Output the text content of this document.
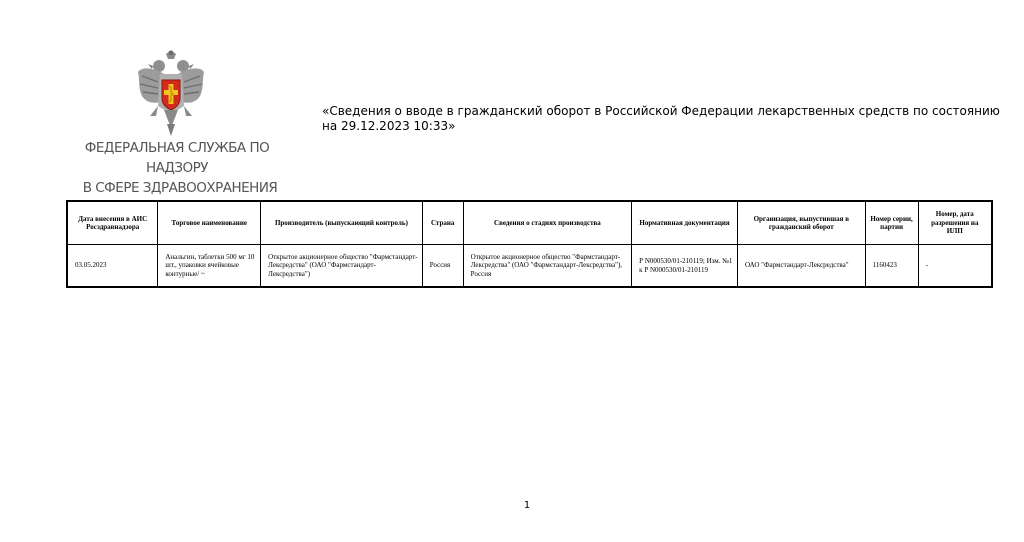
ФЕДЕРАЛЬНАЯ СЛУЖБА ПО НАДЗОРУ
В СФЕРЕ ЗДРАВООХРАНЕНИЯ
«Сведения о вводе в гражданский оборот в Российской Федерации лекарственных средств по состоянию на 29.12.2023 10:33»
Дата внесения в АИС Росздравнадзора	Торговое наименование	Производитель (выпускающий контроль)	Страна	Сведения о стадиях производства	Нормативная документация	Организация, выпустившая в гражданский оборот	Номер серии, партии	Номер, дата разрешения на ИЛП
03.05.2023	Анальгин, таблетки 500 мг 10 шт., упаковки ячейковые контурные/ ~	Открытое акционерное общество "Фармстандарт-Лексредства" (ОАО "Фармстандарт-Лексредства")	Россия	Открытое акционерное общество "Фармстандарт-Лексредства" (ОАО "Фармстандарт-Лексредства"), Россия	Р N000530/01-210119; Изм. №1 к Р N000530/01-210119	ОАО "Фармстандарт-Лексредства"	1160423	-
1
